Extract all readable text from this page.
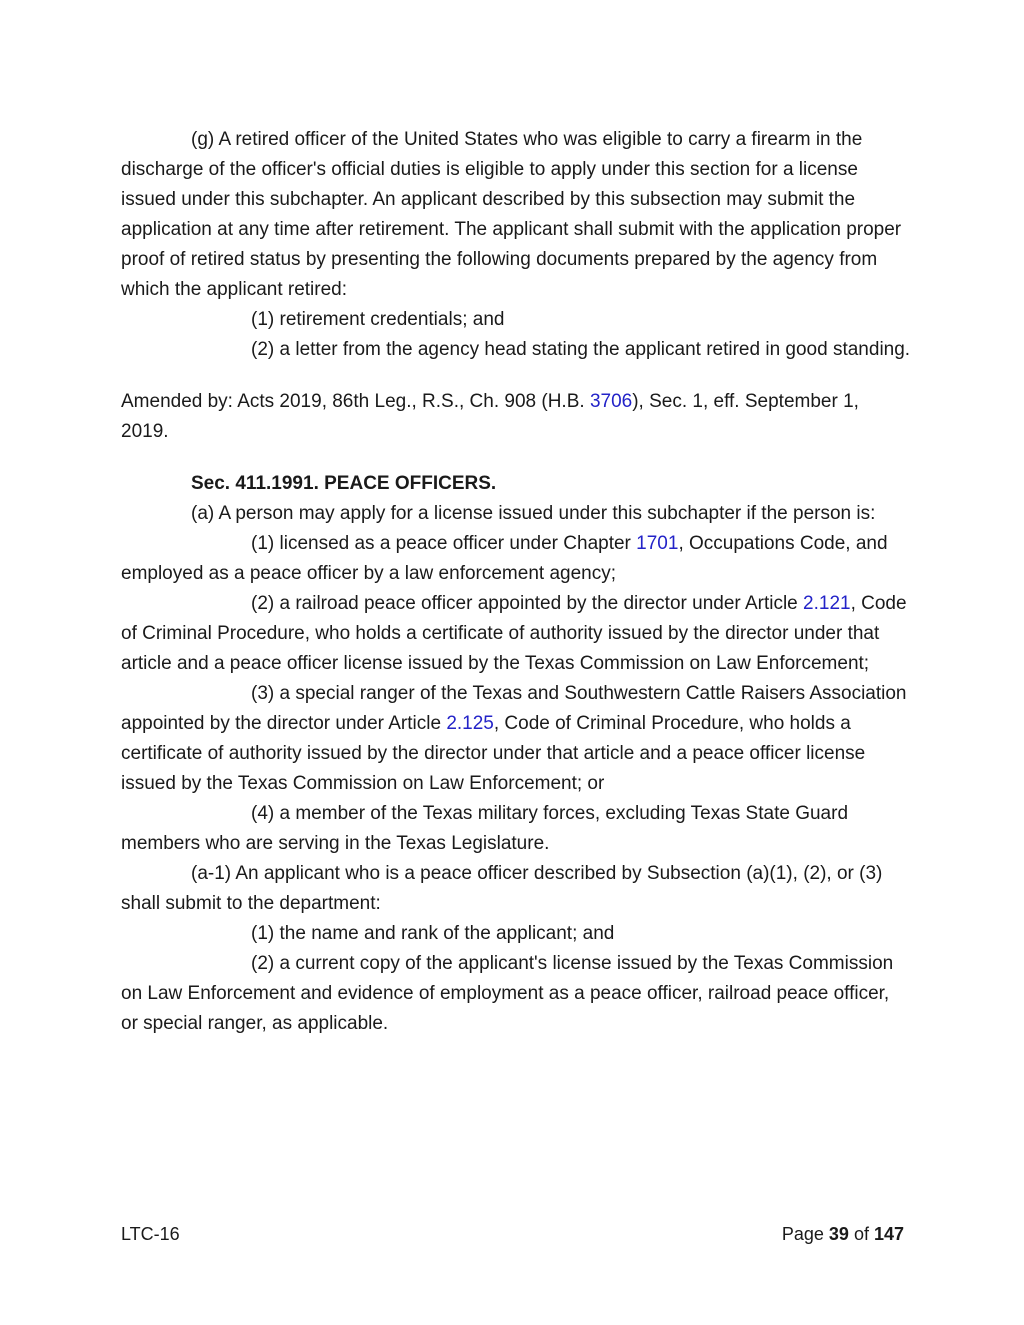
(g) A retired officer of the United States who was eligible to carry a firearm in the discharge of the officer's official duties is eligible to apply under this section for a license issued under this subchapter. An applicant described by this subsection may submit the application at any time after retirement. The applicant shall submit with the application proper proof of retired status by presenting the following documents prepared by the agency from which the applicant retired:

(1) retirement credentials; and

(2) a letter from the agency head stating the applicant retired in good standing.

Amended by: Acts 2019, 86th Leg., R.S., Ch. 908 (H.B. 3706), Sec. 1, eff. September 1, 2019.

Sec. 411.1991. PEACE OFFICERS.

(a) A person may apply for a license issued under this subchapter if the person is:

(1) licensed as a peace officer under Chapter 1701, Occupations Code, and employed as a peace officer by a law enforcement agency;

(2) a railroad peace officer appointed by the director under Article 2.121, Code of Criminal Procedure, who holds a certificate of authority issued by the director under that article and a peace officer license issued by the Texas Commission on Law Enforcement;

(3) a special ranger of the Texas and Southwestern Cattle Raisers Association appointed by the director under Article 2.125, Code of Criminal Procedure, who holds a certificate of authority issued by the director under that article and a peace officer license issued by the Texas Commission on Law Enforcement; or

(4) a member of the Texas military forces, excluding Texas State Guard members who are serving in the Texas Legislature.

(a-1) An applicant who is a peace officer described by Subsection (a)(1), (2), or (3) shall submit to the department:

(1) the name and rank of the applicant; and

(2) a current copy of the applicant's license issued by the Texas Commission on Law Enforcement and evidence of employment as a peace officer, railroad peace officer, or special ranger, as applicable.

LTC-16	Page 39 of 147
